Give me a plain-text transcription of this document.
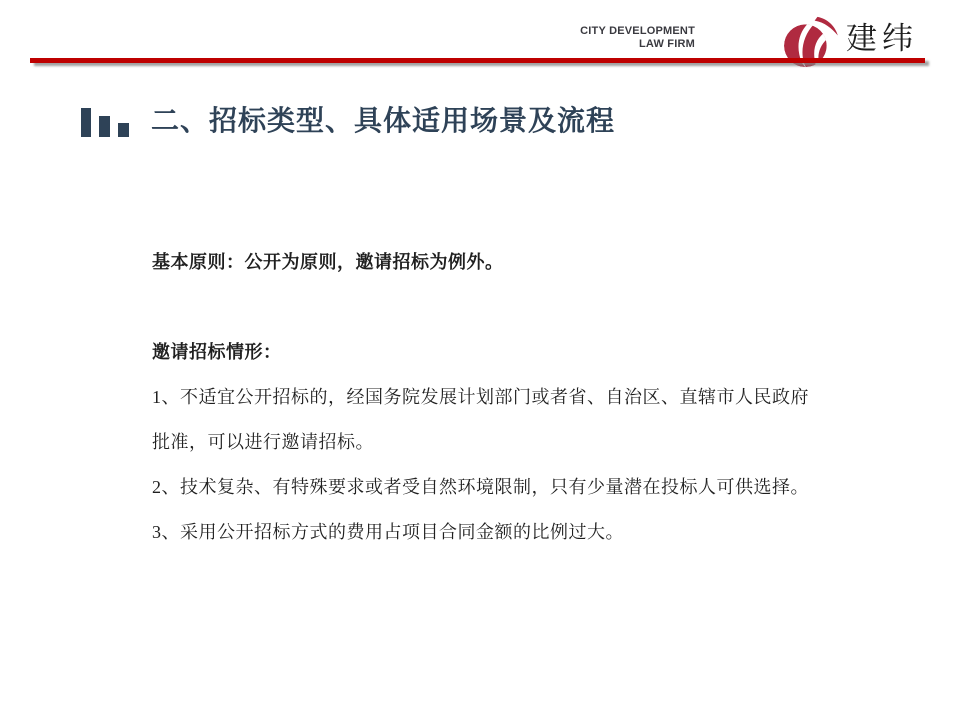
CITY DEVELOPMENT
LAW FIRM	建纬
二、招标类型、具体适用场景及流程

基本原则：公开为原则，邀请招标为例外。

邀请招标情形：

1、不适宜公开招标的，经国务院发展计划部门或者省、自治区、直辖市人民政府批准，可以进行邀请招标。

2、技术复杂、有特殊要求或者受自然环境限制，只有少量潜在投标人可供选择。

3、采用公开招标方式的费用占项目合同金额的比例过大。
